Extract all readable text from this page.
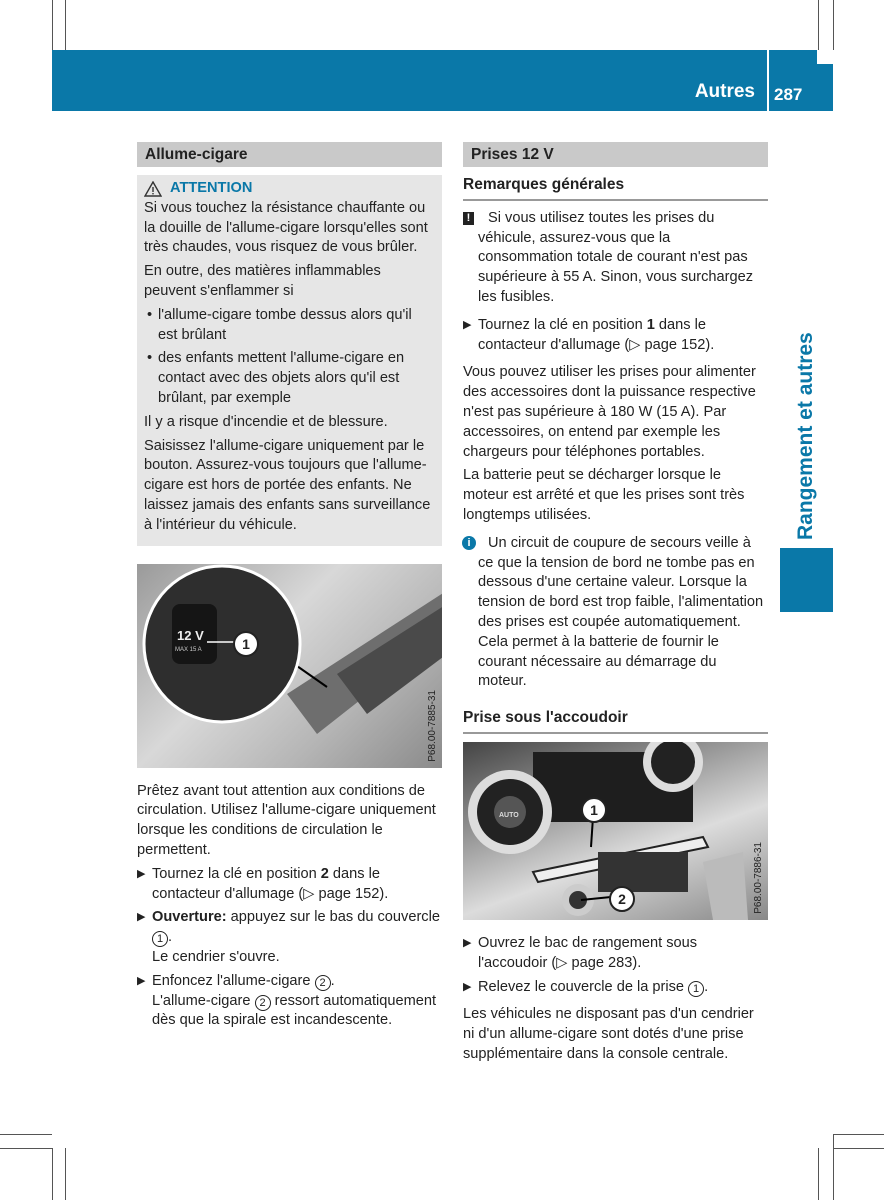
Autres 287
Rangement et autres
Allume-cigare
ATTENTION

Si vous touchez la résistance chauffante ou la douille de l'allume-cigare lorsqu'elles sont très chaudes, vous risquez de vous brûler.

En outre, des matières inflammables peuvent s'enflammer si

• l'allume-cigare tombe dessus alors qu'il est brûlant
• des enfants mettent l'allume-cigare en contact avec des objets alors qu'il est brûlant, par exemple

Il y a risque d'incendie et de blessure.

Saisissez l'allume-cigare uniquement par le bouton. Assurez-vous toujours que l'allume-cigare est hors de portée des enfants. Ne laissez jamais des enfants sans surveillance à l'intérieur du véhicule.

12 V
MAX 15 A	1
P68.00-7885-31

Prêtez avant tout attention aux conditions de circulation. Utilisez l'allume-cigare uniquement lorsque les conditions de circulation le permettent.

▶ Tournez la clé en position 2 dans le contacteur d'allumage (▷ page 152).
▶ Ouverture: appuyez sur le bas du couvercle 1 .
Le cendrier s'ouvre.
▶ Enfoncez l'allume-cigare 2 .
L'allume-cigare 2 ressort automatiquement dès que la spirale est incandescente.
Prises 12 V
Remarques générales
! Si vous utilisez toutes les prises du véhicule, assurez-vous que la consommation totale de courant n'est pas supérieure à 55 A. Sinon, vous surchargez les fusibles.
▶ Tournez la clé en position 1 dans le contacteur d'allumage (▷ page 152).

Vous pouvez utiliser les prises pour alimenter des accessoires dont la puissance respective n'est pas supérieure à 180 W (15 A). Par accessoires, on entend par exemple les chargeurs pour téléphones portables.

La batterie peut se décharger lorsque le moteur est arrêté et que les prises sont très longtemps utilisées.

i	Un circuit de coupure de secours veille à ce que la tension de bord ne tombe pas en dessous d'une certaine valeur. Lorsque la tension de bord est trop faible, l'alimentation des prises est coupée automatiquement. Cela permet à la batterie de fournir le courant nécessaire au démarrage du moteur.
Prise sous l'accoudoir
AUTO	1
2	P68.00-7886-31
▶ Ouvrez le bac de rangement sous l'accoudoir (▷ page 283).
▶ Relevez le couvercle de la prise 1 .

Les véhicules ne disposant pas d'un cendrier ni d'un allume-cigare sont dotés d'une prise supplémentaire dans la console centrale.
